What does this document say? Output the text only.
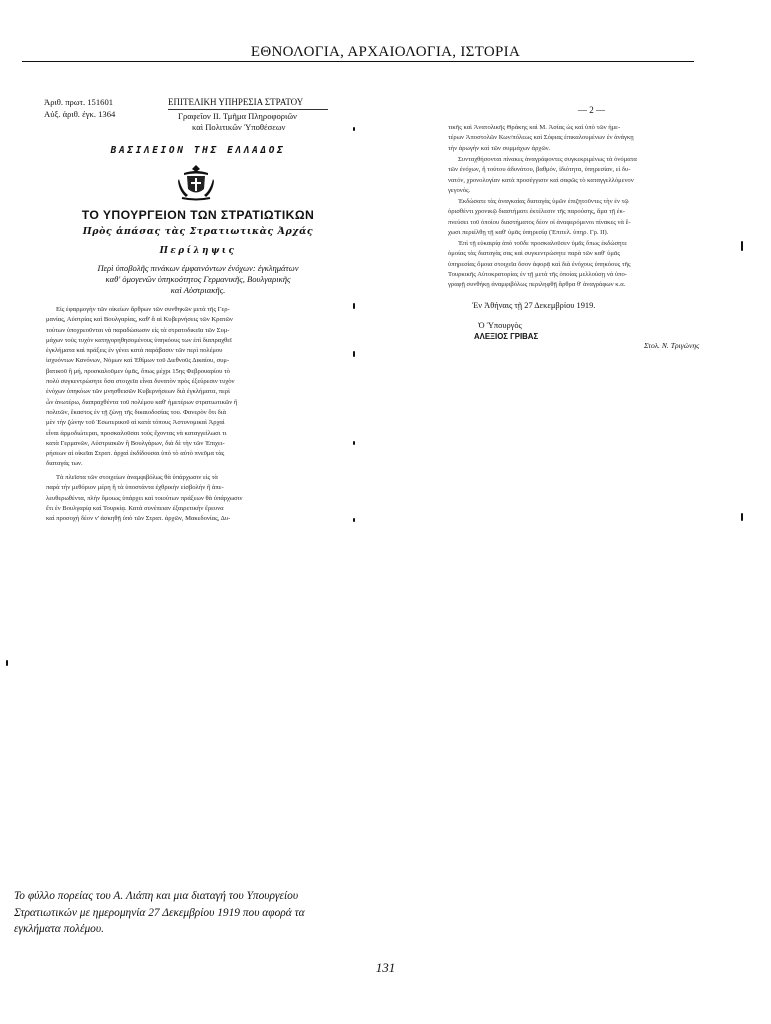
ΕΘΝΟΛΟΓΙΑ, ΑΡΧΑΙΟΛΟΓΙΑ, ΙΣΤΟΡΙΑ
Ἀριθ. πρωτ. 151601
Αὐξ. ἀριθ. ἐγκ. 1364
ΕΠΙΤΕΛΙΚΗ ΥΠΗΡΕΣΙΑ ΣΤΡΑΤΟΥ
Γραφεῖον ΙΙ. Τμῆμα Πληροφοριῶν
καὶ Πολιτικῶν Ὑποθέσεων
ΒΑΣΙΛΕΙΟΝ ΤΗΣ ΕΛΛΑΔΟΣ
ΤΟ ΥΠΟΥΡΓΕΙΟΝ ΤΩΝ ΣΤΡΑΤΙΩΤΙΚΩΝ
Πρὸς ἁπάσας τὰς Στρατιωτικὰς Ἀρχάς
Περίληψις
Περὶ ὑποβολῆς πινάκων ἐμφαινόντων ἐνόχων: ἐγκλημάτων
καθ' ὁμογενῶν ὑπηκοότητος Γερμανικῆς, Βουλγαρικῆς
καὶ Αὐστριακῆς.
Εἰς ἐφαρμογὴν τῶν οἰκείων ἄρθρων τῶν συνθηκῶν μετὰ τῆς Γερ-
μανίας, Αὐστρίας καὶ Βουλγαρίας, καθ' ἃ αἱ Κυβερνήσεις τῶν Κρατῶν
τούτων ὑποχρεοῦνται νὰ παραδώσωσιν εἰς τὰ στρατοδικεῖα τῶν Συμ-
μάχων τοὺς τυχὸν κατηγορηθησομένους ὑπηκόους των ἐπὶ διαπραχθεῖ
ἐγκλήματα καὶ πράξεις ἐν γένει κατὰ παράβασιν τῶν περὶ πολέμου
ἰσχυόντων Κανόνων, Νόμων καὶ Ἐθίμων τοῦ Διεθνοῦς Δικαίου, συμ-
βατικοῦ ἢ μή, προσκαλοῦμεν ὑμᾶς, ὅπως μέχρι 15ης Φεβρουαρίου τὸ
πολὺ συγκεντρώσητε ὅσα στοιχεῖα εἶναι δυνατὸν πρὸς ἐξεύρεσιν τυχὸν
ἐνόχων ὑπηκόων τῶν μνησθεισῶν Κυβερνήσεων διὰ ἐγκλήματα, περὶ
ὧν ἀνωτέρω, διαπραχθέντα τοῦ πολέμου καθ' ἡμετέρων στρατιωτικῶν ἢ
πολιτῶν, ἕκαστος ἐν τῇ ζώνῃ τῆς δικαιοδοσίας του. Φανερὸν ὅτι διὰ
μὲν τὴν ζώνην τοῦ Ἐσωτερικοῦ αἱ κατὰ τόπους Ἀστυνομικαὶ Ἀρχαὶ
εἶναι ἁρμοδιώτεραι, προσκαλοῦσαι τοὺς ἔχοντας νὰ καταγγείλωσι τι
κατὰ Γερμανῶν, Αὐστριακῶν ἢ Βουλγάρων, διὰ δὲ τὴν τῶν Ἐπιχει-
ρήσεων αἱ οἰκεῖαι Στρατ. ἀρχαὶ ἐκδίδουσαι ὑπὸ τὸ αὐτὸ πνεῦμα τὰς
διαταγάς των.
Τὰ πλεῖστα τῶν στοιχείων ἀναμφιβόλως θὰ ὑπάρχωσιν εἰς τὰ
παρὰ τὴν μεθόριον μέρη ἢ τὰ ὑποστάντα ἐχθρικὴν εἰσβολὴν ἢ ἀπε-
λευθερωθέντα, πλὴν ὅμοιως ὑπάρχει καὶ τοιούτων πράξεων θὰ ὑπάρχωσιν
ἔτι ἐν Βουλγαρίᾳ καὶ Τουρκίᾳ. Κατὰ συνέπειαν ἐξαιρετικὴν ἔρευνα
καὶ προσοχὴ δέον ν' ἀσκηθῇ ὑπὸ τῶν Στρατ. ἀρχῶν, Μακεδονίας, Δυ-
— 2 —
τικῆς καὶ Ἀνατολικῆς Θράκης καὶ Μ. Ἀσίας ὡς καὶ ὑπὸ τῶν ἡμε-
τέρων Ἀποστολῶν Κων/πόλεως καὶ Σόφιας ἐπικαλουμένων ἐν ἀνάγκῃ
τὴν ἀρωγὴν καὶ τῶν συμμάχων ἀρχῶν.
Συνταχθήσονται πίνακες ἀναγράφοντες συγκεκριμένως τὰ ὀνόματα
τῶν ἐνόχων, ἢ τούτου ἀδυνάτου, βαθμόν, ἰδιότητα, ὑπηρεσίαν, εἰ δυ-
νατόν, χρονολογίαν κατὰ προσέγγισιν καὶ σαφῶς τὸ καταγγελλόμενον
γεγονός.
Ἐκδώσατε τὰς ἀναγκαίας διαταγὰς ὑμῶν ἐπιζητοῦντες τὴν ἐν τῷ
ὁρισθέντι χρονικῷ διαστήματι ἐκτέλεσιν τῆς παρούσης, ἅμα τῇ ἐκ-
πνεύσει τοῦ ὁποίου διαστήματος δέον οἱ ἀναφερόμενοι πίνακες νὰ ἔ-
χωσι περιέλθῃ τῇ καθ' ὑμᾶς ὑπηρεσίᾳ (Ἐπιτελ. ὑπηρ. Γρ. ΙΙ).
Ἐπὶ τῇ εὐκαιρίᾳ ἀπὸ τοῦδε προσκαλοῦσεν ὑμᾶς ὅπως ἐκδώσητε
ὁμοίας τὰς διαταγὰς σας καὶ συγκεντρώσητε παρὰ τῶν καθ' ὑμᾶς
ὑπηρεσίας ὅμοια στοιχεῖα ὅσον ἀφορᾷ καὶ διὰ ἐνόχους ὑπηκόους τῆς
Τουρκικῆς Αὐτοκρατορίας ἐν τῇ μετὰ τῆς ὁποίας μελλούσῃ νὰ ὑπο-
γραφῇ συνθήκῃ ἀναμφιβόλως περιληφθῇ ἄρθρα θ' ἀναγράφων κ.α.
Ἐν Ἀθήναις τῇ 27 Δεκεμβρίου 1919.
Ὁ Ὑπουργὸς
ΑΛΕΞΙΟΣ ΓΡΙΒΑΣ
Στολ. Ν. Τριγώνης
Το φύλλο πορείας του Α. Λιάπη και μια διαταγή του Υπουργείου Στρατιωτικών με ημερομηνία 27 Δεκεμβρίου 1919 που αφορά τα εγκλήματα πολέμου.
131
